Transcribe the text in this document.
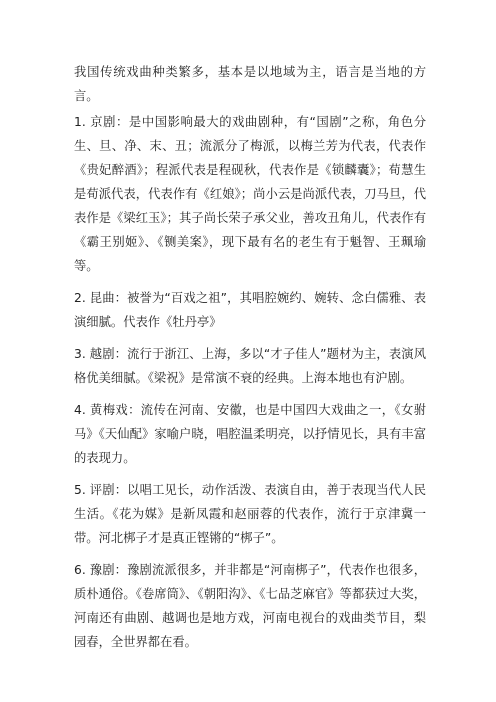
我国传统戏曲种类繁多，基本是以地域为主，语言是当地的方言。

1. 京剧：是中国影响最大的戏曲剧种，有“国剧”之称，角色分生、旦、净、末、丑；流派分了梅派，以梅兰芳为代表，代表作《贵妃醉酒》；程派代表是程砚秋，代表作是《锁麟囊》；荀慧生是荀派代表，代表作有《红娘》；尚小云是尚派代表，刀马旦，代表作是《梁红玉》；其子尚长荣子承父业，善攻丑角儿，代表作有《霸王别姬》、《铡美案》，现下最有名的老生有于魁智、王珮瑜等。

2. 昆曲：被誉为“百戏之祖”，其唱腔婉约、婉转、念白儒雅、表演细腻。代表作《牡丹亭》

3. 越剧：流行于浙江、上海，多以“才子佳人”题材为主，表演风格优美细腻。《梁祝》是常演不衰的经典。上海本地也有沪剧。

4. 黄梅戏：流传在河南、安徽，也是中国四大戏曲之一，《女驸马》《天仙配》家喻户晓，唱腔温柔明亮，以抒情见长，具有丰富的表现力。

5. 评剧：以唱工见长，动作活泼、表演自由，善于表现当代人民生活。《花为媒》是新凤霞和赵丽蓉的代表作，流行于京津冀一带。河北梆子才是真正铿锵的“梆子”。

6. 豫剧：豫剧流派很多，并非都是“河南梆子”，代表作也很多，质朴通俗。《卷席筒》、《朝阳沟》、《七品芝麻官》等都获过大奖，河南还有曲剧、越调也是地方戏，河南电视台的戏曲类节目，梨园春，全世界都在看。
